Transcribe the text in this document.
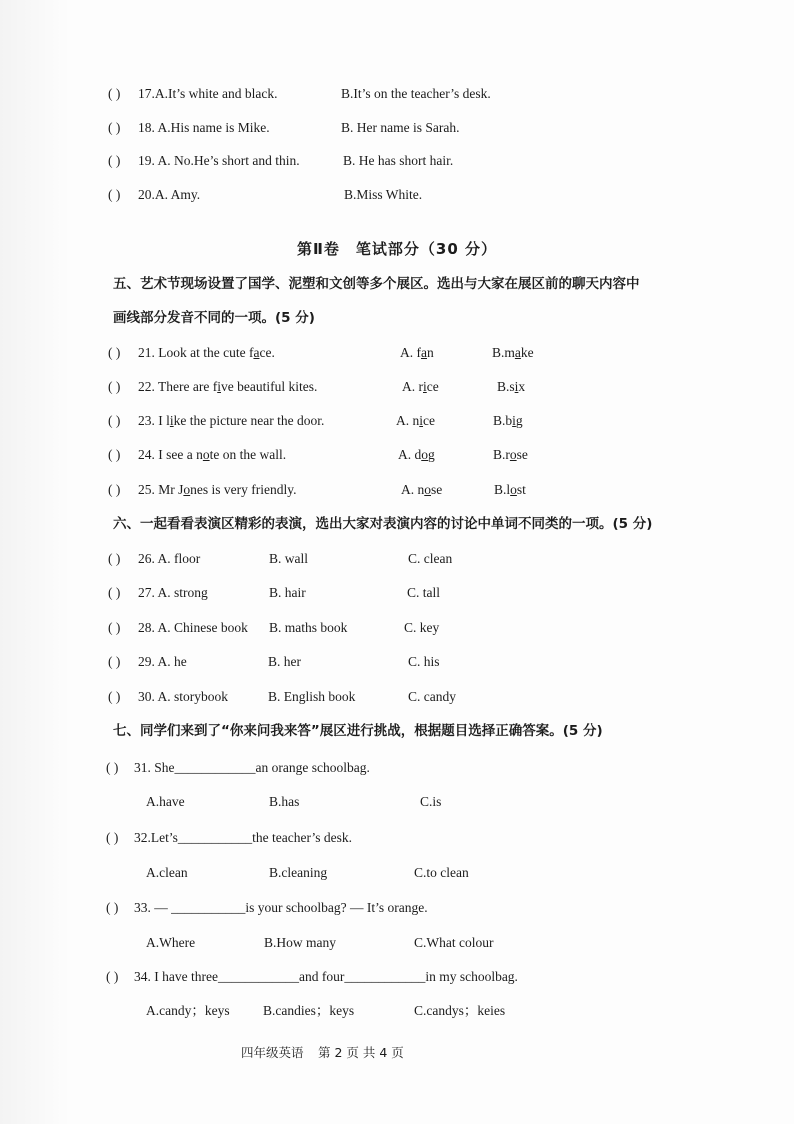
( ) 17.A.It’s white and black.	B.It’s on the teacher’s desk.
( ) 18. A.His name is Mike.	B. Her name is Sarah.
( ) 19. A. No.He’s short and thin.	B. He has short hair.
( ) 20.A. Amy.	B.Miss White.
第Ⅱ卷　笔试部分（30 分）
五、艺术节现场设置了国学、泥塑和文创等多个展区。选出与大家在展区前的聊天内容中
画线部分发音不同的一项。(5 分)
( ) 21. Look at the cute face.	A. fan	B.make
( ) 22. There are five beautiful kites.	A. rice	B.six
( ) 23. I like the picture near the door.	A. nice	B.big
( ) 24. I see a note on the wall.	A. dog	B.rose
( ) 25. Mr Jones is very friendly.	A. nose	B.lost
六、一起看看表演区精彩的表演，选出大家对表演内容的讨论中单词不同类的一项。(5 分)
( ) 26. A. floor	B. wall	C. clean
( ) 27. A. strong	B. hair	C. tall
( ) 28. A. Chinese book B. maths book	C. key
( ) 29. A. he	B. her	C. his
( ) 30. A. storybook	B. English book	C. candy
七、同学们来到了“你来问我来答”展区进行挑战，根据题目选择正确答案。(5 分)
( ) 31. She____________an orange schoolbag.
A.have	B.has	C.is
( ) 32.Let’s___________the teacher’s desk.
A.clean	B.cleaning	C.to clean
( ) 33. — ___________is your schoolbag? — It’s orange.
A.Where	B.How many	C.What colour
( ) 34. I have three____________and four____________in my schoolbag.
A.candy；keys B.candies；keys	C.candys；keies
四年级英语 第 2 页 共 4 页
